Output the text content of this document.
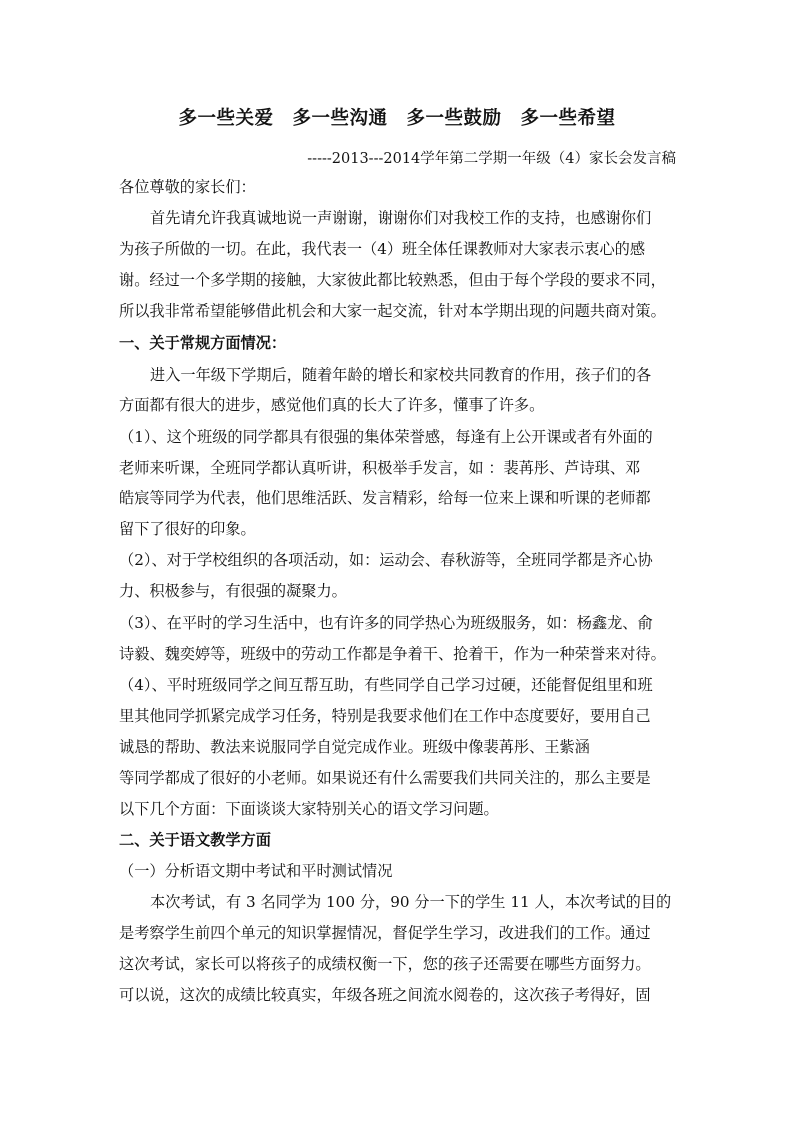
多一些关爱　多一些沟通　多一些鼓励　多一些希望
-----2013---2014学年第二学期一年级（4）家长会发言稿
各位尊敬的家长们：
首先请允许我真诚地说一声谢谢，谢谢你们对我校工作的支持，也感谢你们
为孩子所做的一切。在此，我代表一（4）班全体任课教师对大家表示衷心的感
谢。经过一个多学期的接触，大家彼此都比较熟悉，但由于每个学段的要求不同，
所以我非常希望能够借此机会和大家一起交流，针对本学期出现的问题共商对策。
一、关于常规方面情况：
进入一年级下学期后，随着年龄的增长和家校共同教育的作用，孩子们的各
方面都有很大的进步，感觉他们真的长大了许多，懂事了许多。
（1）、这个班级的同学都具有很强的集体荣誉感，每逢有上公开课或者有外面的
老师来听课，全班同学都认真听讲，积极举手发言，如 ：裴苒彤、芦诗琪、邓
皓宸等同学为代表，他们思维活跃、发言精彩，给每一位来上课和听课的老师都
留下了很好的印象。
（2）、对于学校组织的各项活动，如：运动会、春秋游等，全班同学都是齐心协
力、积极参与，有很强的凝聚力。
（3）、在平时的学习生活中，也有许多的同学热心为班级服务，如：杨鑫龙、俞
诗毅、魏奕婷等，班级中的劳动工作都是争着干、抢着干，作为一种荣誉来对待。
（4）、平时班级同学之间互帮互助，有些同学自己学习过硬，还能督促组里和班
里其他同学抓紧完成学习任务，特别是我要求他们在工作中态度要好，要用自己
诚恳的帮助、教法来说服同学自觉完成作业。班级中像裴苒彤、王紫涵
等同学都成了很好的小老师。如果说还有什么需要我们共同关注的，那么主要是
以下几个方面：下面谈谈大家特别关心的语文学习问题。
二、关于语文教学方面
（一）分析语文期中考试和平时测试情况
本次考试，有 3 名同学为 100 分，90 分一下的学生 11 人，本次考试的目的
是考察学生前四个单元的知识掌握情况，督促学生学习，改进我们的工作。通过
这次考试，家长可以将孩子的成绩权衡一下，您的孩子还需要在哪些方面努力。
可以说，这次的成绩比较真实，年级各班之间流水阅卷的，这次孩子考得好，固
